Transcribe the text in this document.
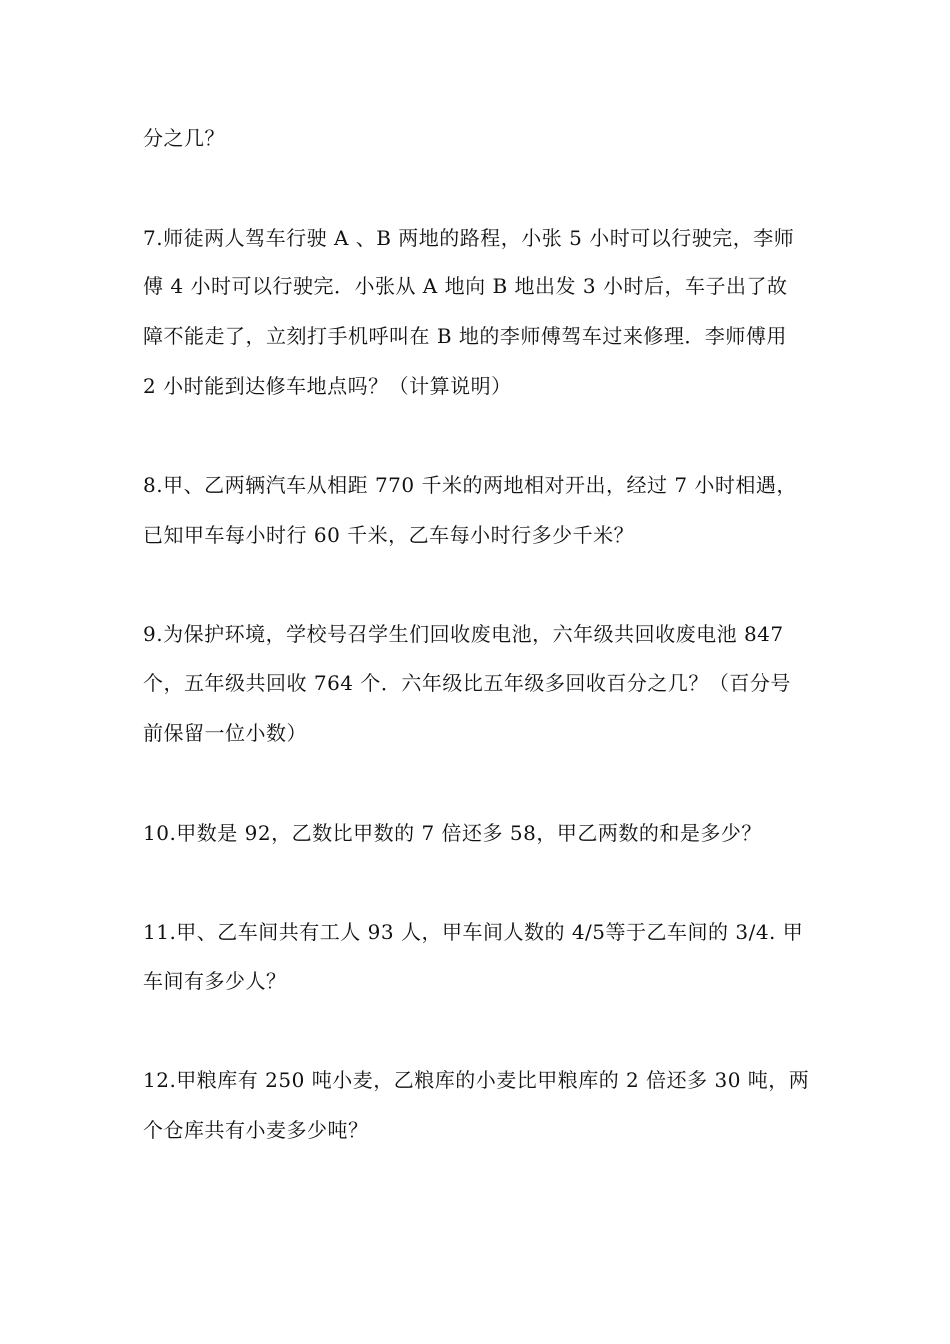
分之几？
7.师徒两人驾车行驶 A 、B 两地的路程，小张 5 小时可以行驶完，李师
傅 4 小时可以行驶完．小张从 A 地向 B 地出发 3 小时后，车子出了故
障不能走了，立刻打手机呼叫在 B 地的李师傅驾车过来修理．李师傅用
2 小时能到达修车地点吗？（计算说明）
8.甲、乙两辆汽车从相距 770 千米的两地相对开出，经过 7 小时相遇，
已知甲车每小时行 60 千米，乙车每小时行多少千米？
9.为保护环境，学校号召学生们回收废电池，六年级共回收废电池 847
个，五年级共回收 764 个．六年级比五年级多回收百分之几？（百分号
前保留一位小数）
10.甲数是 92，乙数比甲数的 7 倍还多 58，甲乙两数的和是多少？
11.甲、乙车间共有工人 93 人，甲车间人数的 4/5等于乙车间的 3/4. 甲
车间有多少人？
12.甲粮库有 250 吨小麦，乙粮库的小麦比甲粮库的 2 倍还多 30 吨，两
个仓库共有小麦多少吨？
